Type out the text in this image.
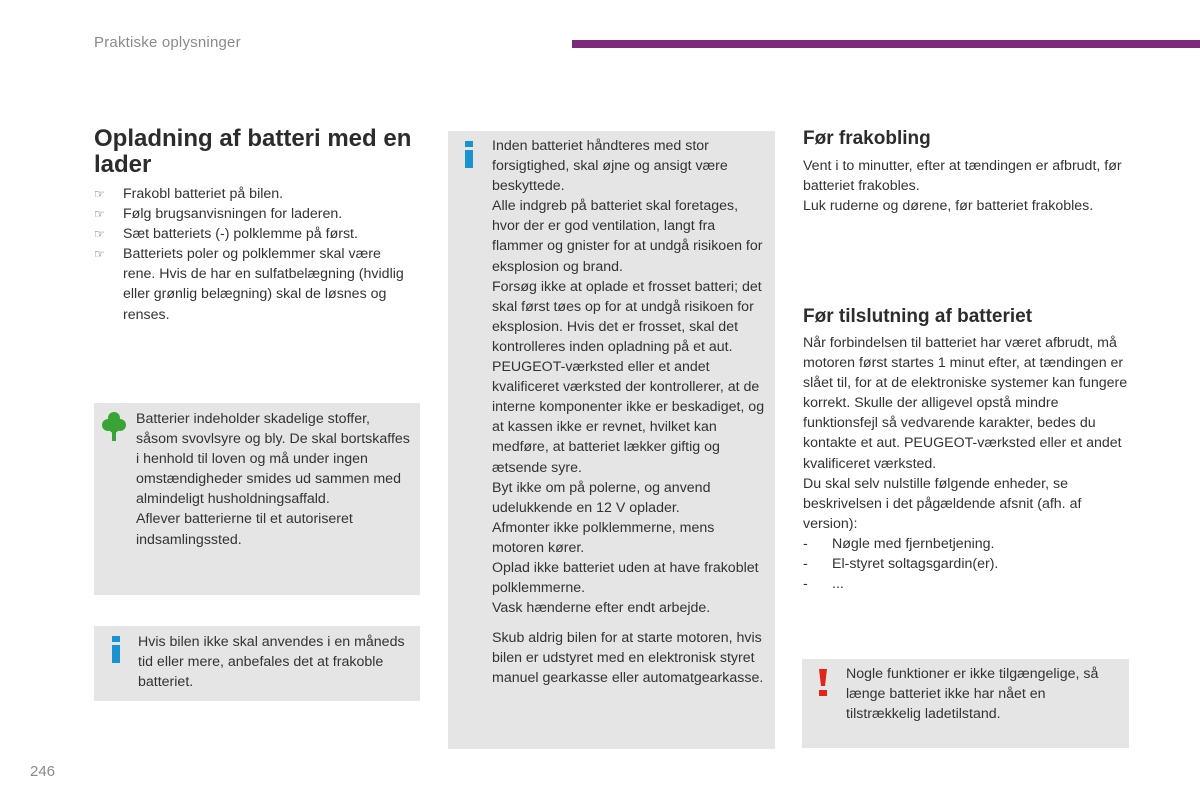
Praktiske oplysninger
Opladning af batteri med en lader
☞ Frakobl batteriet på bilen.
☞ Følg brugsanvisningen for laderen.
☞ Sæt batteriets (-) polklemme på først.
☞ Batteriets poler og polklemmer skal være rene. Hvis de har en sulfatbelægning (hvidlig eller grønlig belægning) skal de løsnes og renses.

Batterier indeholder skadelige stoffer, såsom svovlsyre og bly. De skal bortskaffes i henhold til loven og må under ingen omstændigheder smides ud sammen med almindeligt husholdningsaffald.

Aflever batterierne til et autoriseret indsamlingssted.

Hvis bilen ikke skal anvendes i en måneds tid eller mere, anbefales det at frakoble batteriet.

Inden batteriet håndteres med stor forsigtighed, skal øjne og ansigt være beskyttede.

Alle indgreb på batteriet skal foretages, hvor der er god ventilation, langt fra flammer og gnister for at undgå risikoen for eksplosion og brand.

Forsøg ikke at oplade et frosset batteri; det skal først tøes op for at undgå risikoen for eksplosion. Hvis det er frosset, skal det kontrolleres inden opladning på et aut. PEUGEOT-værksted eller et andet kvalificeret værksted der kontrollerer, at de interne komponenter ikke er beskadiget, og at kassen ikke er revnet, hvilket kan medføre, at batteriet lækker giftig og ætsende syre.

Byt ikke om på polerne, og anvend udelukkende en 12 V oplader.

Afmonter ikke polklemmerne, mens motoren kører.

Oplad ikke batteriet uden at have frakoblet polklemmerne.

Vask hænderne efter endt arbejde.

Skub aldrig bilen for at starte motoren, hvis bilen er udstyret med en elektronisk styret manuel gearkasse eller automatgearkasse.

Før frakobling

Vent i to minutter, efter at tændingen er afbrudt, før batteriet frakobles.

Luk ruderne og dørene, før batteriet frakobles.

Før tilslutning af batteriet

Når forbindelsen til batteriet har været afbrudt, må motoren først startes 1 minut efter, at tændingen er slået til, for at de elektroniske systemer kan fungere korrekt. Skulle der alligevel opstå mindre funktionsfejl så vedvarende karakter, bedes du kontakte et aut. PEUGEOT-værksted eller et andet kvalificeret værksted.

Du skal selv nulstille følgende enheder, se beskrivelsen i det pågældende afsnit (afh. af version):

- Nøgle med fjernbetjening.
- El-styret soltagsgardin(er).
- ...
Nogle funktioner er ikke tilgængelige, så længe batteriet ikke har nået en tilstrækkelig ladetilstand.
246
